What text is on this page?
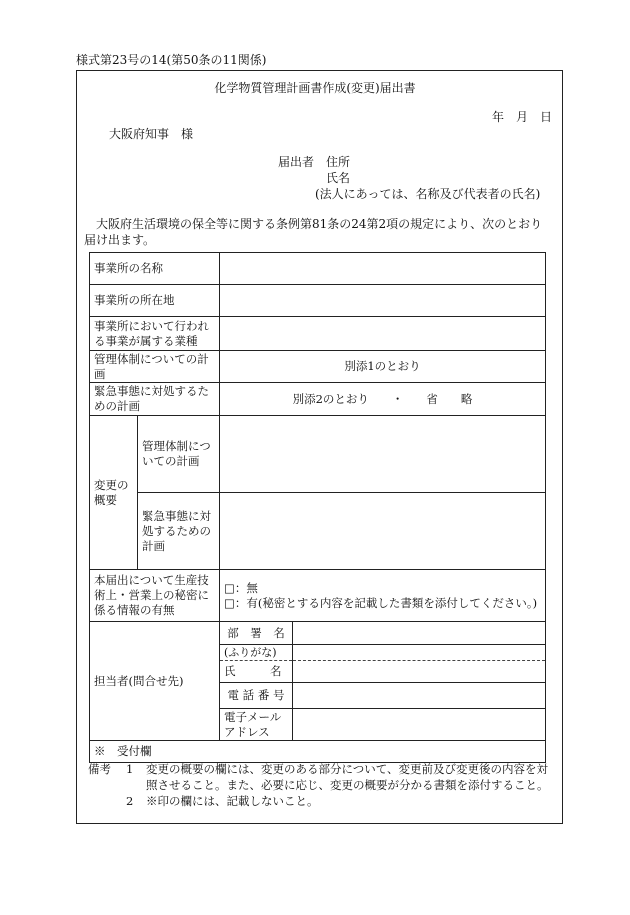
様式第23号の14(第50条の11関係)
化学物質管理計画書作成(変更)届出書
年　月　日
大阪府知事　様
届出者 住所
氏名
(法人にあっては、名称及び代表者の氏名)
大阪府生活環境の保全等に関する条例第81条の24第2項の規定により、次のとおり届け出ます。
事業所の名称			
事業所の所在地			
事業所において行われる事業が属する業種			
管理体制についての計画		別添1のとおり	
緊急事態に対処するための計画		別添2のとおり　　・　　省　　略	
変更の概要	管理体制についての計画		
	緊急事態に対処するための計画		
本届出について生産技術上・営業上の秘密に係る情報の有無		□：無
□：有(秘密とする内容を記載した書類を添付してください。)	

担当者(問合せ先)		部　署　名	
		(ふりがな)	
		氏　　　名	
		電 話 番 号	
		電子メール アドレス	
※　受付欄			
備考	1	変更の概要の欄には、変更のある部分について、変更前及び変更後の内容を対照させること。また、必要に応じ、変更の概要が分かる書類を添付すること。
2	※印の欄には、記載しないこと。
